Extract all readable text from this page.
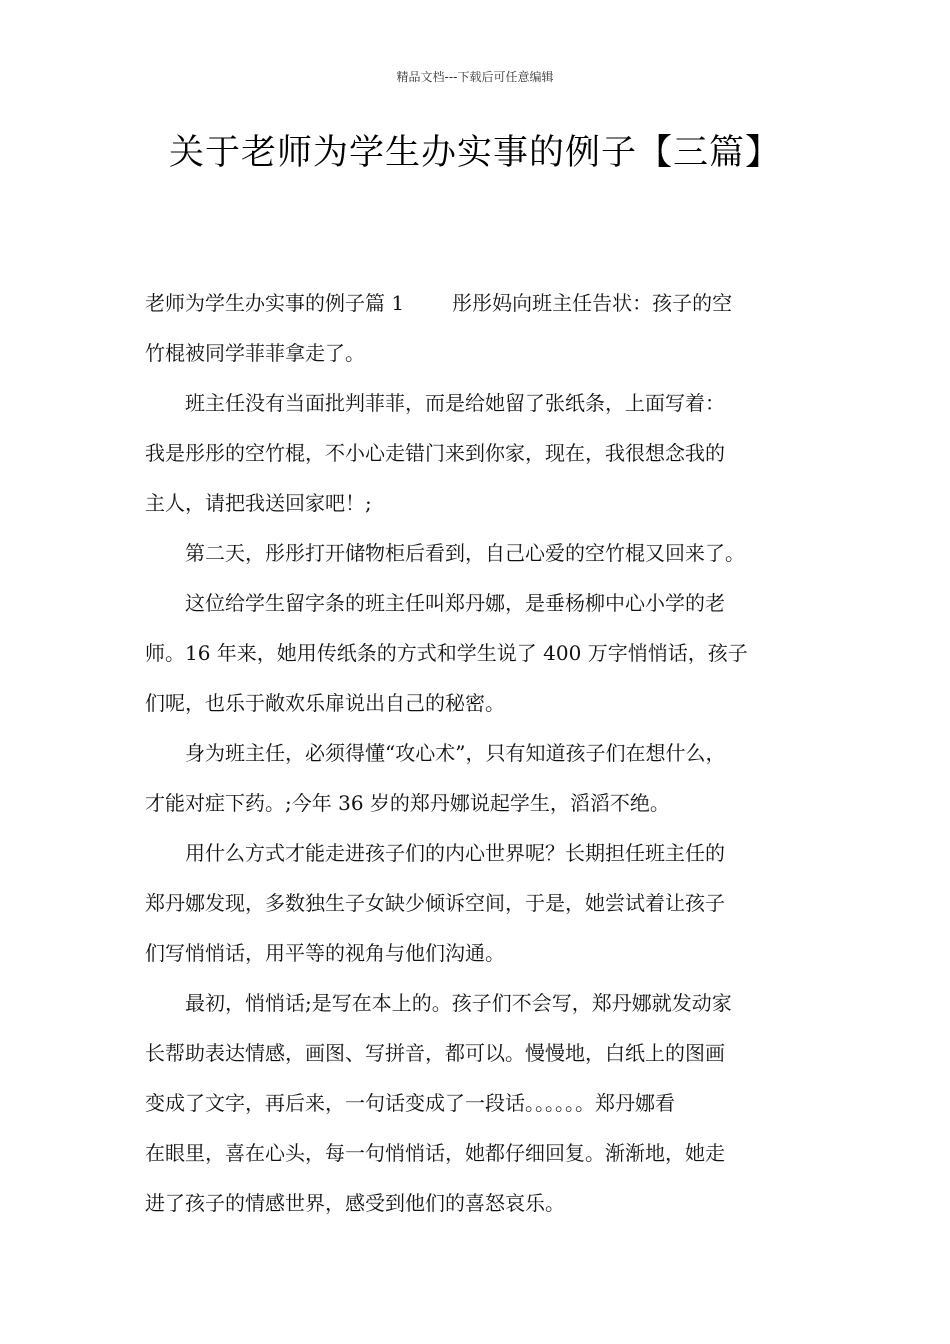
精品文档---下载后可任意编辑
关于老师为学生办实事的例子【三篇】

老师为学生办实事的例子篇 1 彤彤妈向班主任告状：孩子的空
竹棍被同学菲菲拿走了。

班主任没有当面批判菲菲，而是给她留了张纸条，上面写着：

我是彤彤的空竹棍，不小心走错门来到你家，现在，我很想念我的
主人，请把我送回家吧！;

第二天，彤彤打开储物柜后看到，自己心爱的空竹棍又回来了。

这位给学生留字条的班主任叫郑丹娜，是垂杨柳中心小学的老

师。16 年来，她用传纸条的方式和学生说了 400 万字悄悄话，孩子
们呢，也乐于敞欢乐扉说出自己的秘密。

身为班主任，必须得懂“攻心术”，只有知道孩子们在想什么，

才能对症下药。;今年 36 岁的郑丹娜说起学生，滔滔不绝。

用什么方式才能走进孩子们的内心世界呢？长期担任班主任的

郑丹娜发现，多数独生子女缺少倾诉空间，于是，她尝试着让孩子
们写悄悄话，用平等的视角与他们沟通。

最初，悄悄话;是写在本上的。孩子们不会写，郑丹娜就发动家

长帮助表达情感，画图、写拼音，都可以。慢慢地，白纸上的图画
变成了文字，再后来，一句话变成了一段话。。。。。。郑丹娜看
在眼里，喜在心头，每一句悄悄话，她都仔细回复。渐渐地，她走
进了孩子的情感世界，感受到他们的喜怒哀乐。
